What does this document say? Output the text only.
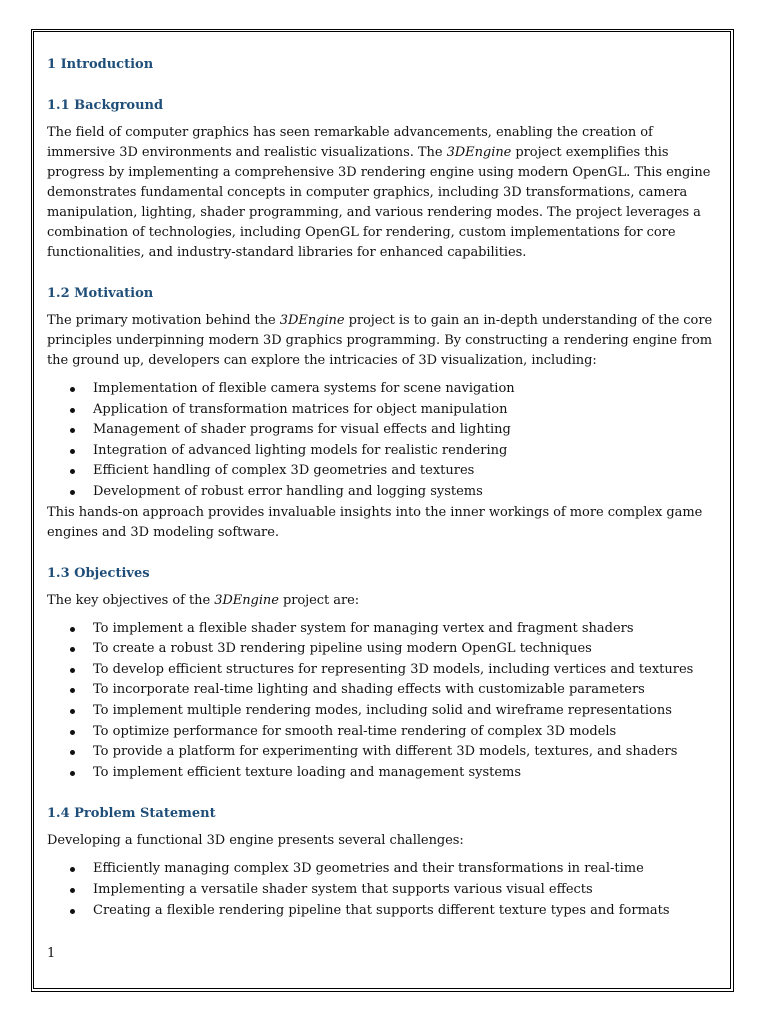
1 Introduction
1.1 Background

The field of computer graphics has seen remarkable advancements, enabling the creation of immersive 3D environments and realistic visualizations. The 3DEngine project exemplifies this progress by implementing a comprehensive 3D rendering engine using modern OpenGL. This engine demonstrates fundamental concepts in computer graphics, including 3D transformations, camera manipulation, lighting, shader programming, and various rendering modes. The project leverages a combination of technologies, including OpenGL for rendering, custom implementations for core functionalities, and industry-standard libraries for enhanced capabilities.

1.2 Motivation

The primary motivation behind the 3DEngine project is to gain an in-depth understanding of the core principles underpinning modern 3D graphics programming. By constructing a rendering engine from the ground up, developers can explore the intricacies of 3D visualization, including:

Implementation of flexible camera systems for scene navigation
Application of transformation matrices for object manipulation
Management of shader programs for visual effects and lighting
Integration of advanced lighting models for realistic rendering
Efficient handling of complex 3D geometries and textures
Development of robust error handling and logging systems

This hands-on approach provides invaluable insights into the inner workings of more complex game engines and 3D modeling software.

1.3 Objectives

The key objectives of the 3DEngine project are:

To implement a flexible shader system for managing vertex and fragment shaders
To create a robust 3D rendering pipeline using modern OpenGL techniques
To develop efficient structures for representing 3D models, including vertices and textures
To incorporate real-time lighting and shading effects with customizable parameters
To implement multiple rendering modes, including solid and wireframe representations
To optimize performance for smooth real-time rendering of complex 3D models
To provide a platform for experimenting with different 3D models, textures, and shaders
To implement efficient texture loading and management systems
1.4 Problem Statement

Developing a functional 3D engine presents several challenges:

Efficiently managing complex 3D geometries and their transformations in real-time
Implementing a versatile shader system that supports various visual effects
Creating a flexible rendering pipeline that supports different texture types and formats
1
